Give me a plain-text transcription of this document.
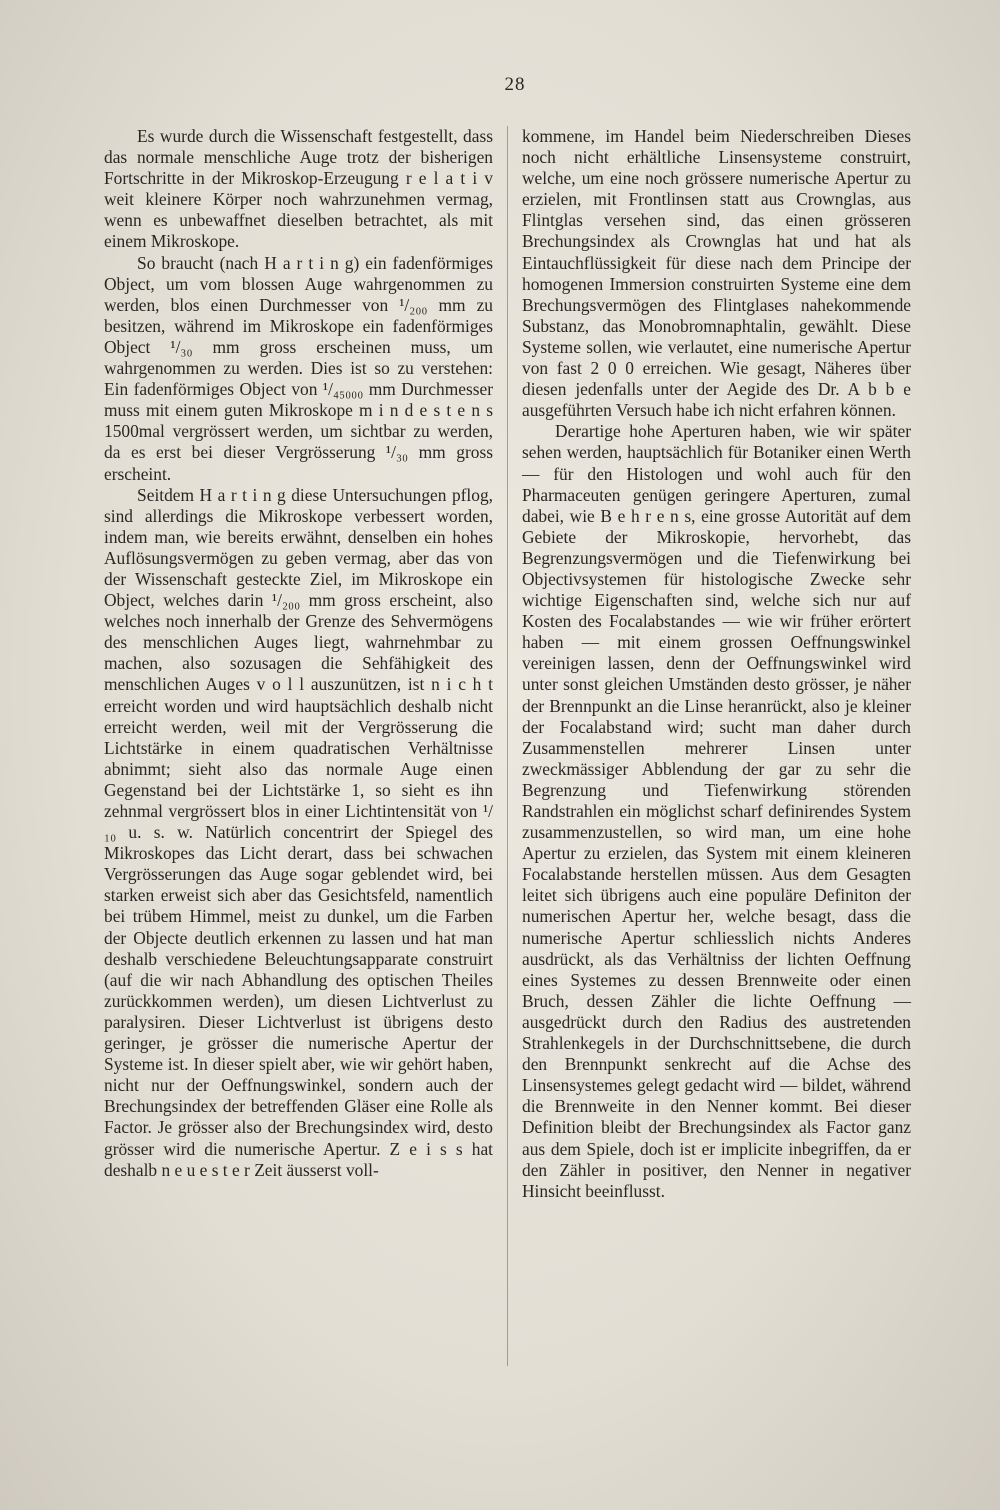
28

Es wurde durch die Wissenschaft festgestellt, dass das normale menschliche Auge trotz der bisherigen Fortschritte in der Mikroskop-Erzeugung r e l a t i v weit kleinere Körper noch wahrzunehmen vermag, wenn es unbewaffnet dieselben betrachtet, als mit einem Mikroskope.

So braucht (nach H a r t i n g) ein fadenförmiges Object, um vom blossen Auge wahrgenommen zu werden, blos einen Durchmesser von ¹/₂₀₀ mm zu besitzen, während im Mikroskope ein fadenförmiges Object ¹/₃₀ mm gross erscheinen muss, um wahrgenommen zu werden. Dies ist so zu verstehen: Ein fadenförmiges Object von ¹/₄₅₀₀₀ mm Durchmesser muss mit einem guten Mikroskope m i n d e s t e n s 1500mal vergrössert werden, um sichtbar zu werden, da es erst bei dieser Vergrösserung ¹/₃₀ mm gross erscheint.

Seitdem H a r t i n g diese Untersuchungen pflog, sind allerdings die Mikroskope verbessert worden, indem man, wie bereits erwähnt, denselben ein hohes Auflösungsvermögen zu geben vermag, aber das von der Wissenschaft gesteckte Ziel, im Mikroskope ein Object, welches darin ¹/₂₀₀ mm gross erscheint, also welches noch innerhalb der Grenze des Sehvermögens des menschlichen Auges liegt, wahrnehmbar zu machen, also sozusagen die Sehfähigkeit des menschlichen Auges v o l l auszunützen, ist n i c h t erreicht worden und wird hauptsächlich deshalb nicht erreicht werden, weil mit der Vergrösserung die Lichtstärke in einem quadratischen Verhältnisse abnimmt; sieht also das normale Auge einen Gegenstand bei der Lichtstärke 1, so sieht es ihn zehnmal vergrössert blos in einer Lichtintensität von ¹/₁₀ u. s. w. Natürlich concentrirt der Spiegel des Mikroskopes das Licht derart, dass bei schwachen Vergrösserungen das Auge sogar geblendet wird, bei starken erweist sich aber das Gesichtsfeld, namentlich bei trübem Himmel, meist zu dunkel, um die Farben der Objecte deutlich erkennen zu lassen und hat man deshalb verschiedene Beleuchtungsapparate construirt (auf die wir nach Abhandlung des optischen Theiles zurückkommen werden), um diesen Lichtverlust zu paralysiren. Dieser Lichtverlust ist übrigens desto geringer, je grösser die numerische Apertur der Systeme ist. In dieser spielt aber, wie wir gehört haben, nicht nur der Oeffnungswinkel, sondern auch der Brechungsindex der betreffenden Gläser eine Rolle als Factor. Je grösser also der Brechungsindex wird, desto grösser wird die numerische Apertur. Z e i s s hat deshalb n e u e s t e r Zeit äusserst voll-

kommene, im Handel beim Niederschreiben Dieses noch nicht erhältliche Linsensysteme construirt, welche, um eine noch grössere numerische Apertur zu erzielen, mit Frontlinsen statt aus Crownglas, aus Flintglas versehen sind, das einen grösseren Brechungsindex als Crownglas hat und hat als Eintauchflüssigkeit für diese nach dem Principe der homogenen Immersion construirten Systeme eine dem Brechungsvermögen des Flintglases nahekommende Substanz, das Monobromnaphtalin, gewählt. Diese Systeme sollen, wie verlautet, eine numerische Apertur von fast 2 0 0 erreichen. Wie gesagt, Näheres über diesen jedenfalls unter der Aegide des Dr. A b b e ausgeführten Versuch habe ich nicht erfahren können.

Derartige hohe Aperturen haben, wie wir später sehen werden, hauptsächlich für Botaniker einen Werth — für den Histologen und wohl auch für den Pharmaceuten genügen geringere Aperturen, zumal dabei, wie B e h r e n s, eine grosse Autorität auf dem Gebiete der Mikroskopie, hervorhebt, das Begrenzungsvermögen und die Tiefenwirkung bei Objectivsystemen für histologische Zwecke sehr wichtige Eigenschaften sind, welche sich nur auf Kosten des Focalabstandes — wie wir früher erörtert haben — mit einem grossen Oeffnungswinkel vereinigen lassen, denn der Oeffnungswinkel wird unter sonst gleichen Umständen desto grösser, je näher der Brennpunkt an die Linse heranrückt, also je kleiner der Focalabstand wird; sucht man daher durch Zusammenstellen mehrerer Linsen unter zweckmässiger Abblendung der gar zu sehr die Begrenzung und Tiefenwirkung störenden Randstrahlen ein möglichst scharf definirendes System zusammenzustellen, so wird man, um eine hohe Apertur zu erzielen, das System mit einem kleineren Focalabstande herstellen müssen. Aus dem Gesagten leitet sich übrigens auch eine populäre Definiton der numerischen Apertur her, welche besagt, dass die numerische Apertur schliesslich nichts Anderes ausdrückt, als das Verhältniss der lichten Oeffnung eines Systemes zu dessen Brennweite oder einen Bruch, dessen Zähler die lichte Oeffnung — ausgedrückt durch den Radius des austretenden Strahlenkegels in der Durchschnittsebene, die durch den Brennpunkt senkrecht auf die Achse des Linsensystemes gelegt gedacht wird — bildet, während die Brennweite in den Nenner kommt. Bei dieser Definition bleibt der Brechungsindex als Factor ganz aus dem Spiele, doch ist er implicite inbegriffen, da er den Zähler in positiver, den Nenner in negativer Hinsicht beeinflusst.
